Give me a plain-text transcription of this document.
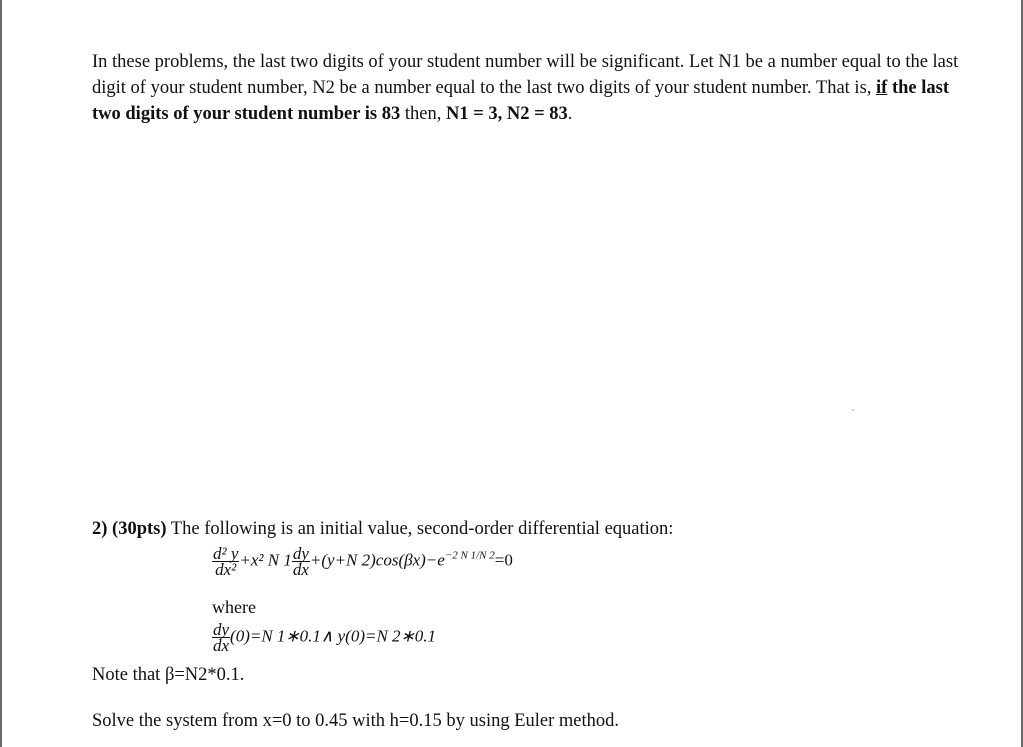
In these problems, the last two digits of your student number will be significant. Let N1 be a number equal to the last digit of your student number, N2 be a number equal to the last two digits of your student number. That is, if the last two digits of your student number is 83 then, N1 = 3, N2 = 83.
2) (30pts) The following is an initial value, second-order differential equation:
$\frac{\text{d² y}}{\text{dx²}} +x^2$ N $1 \frac{dy}{dx} +(y+N$ $2)\cos(\beta x)-e^{-2 N 1/N 2}=0$
where
$\frac{dy}{dx} (0)=N$ 1∗0.1∧ y(0)=N 2∗0.1
Note that β=N2*0.1.
Solve the system from x=0 to 0.45 with h=0.15 by using Euler method.
